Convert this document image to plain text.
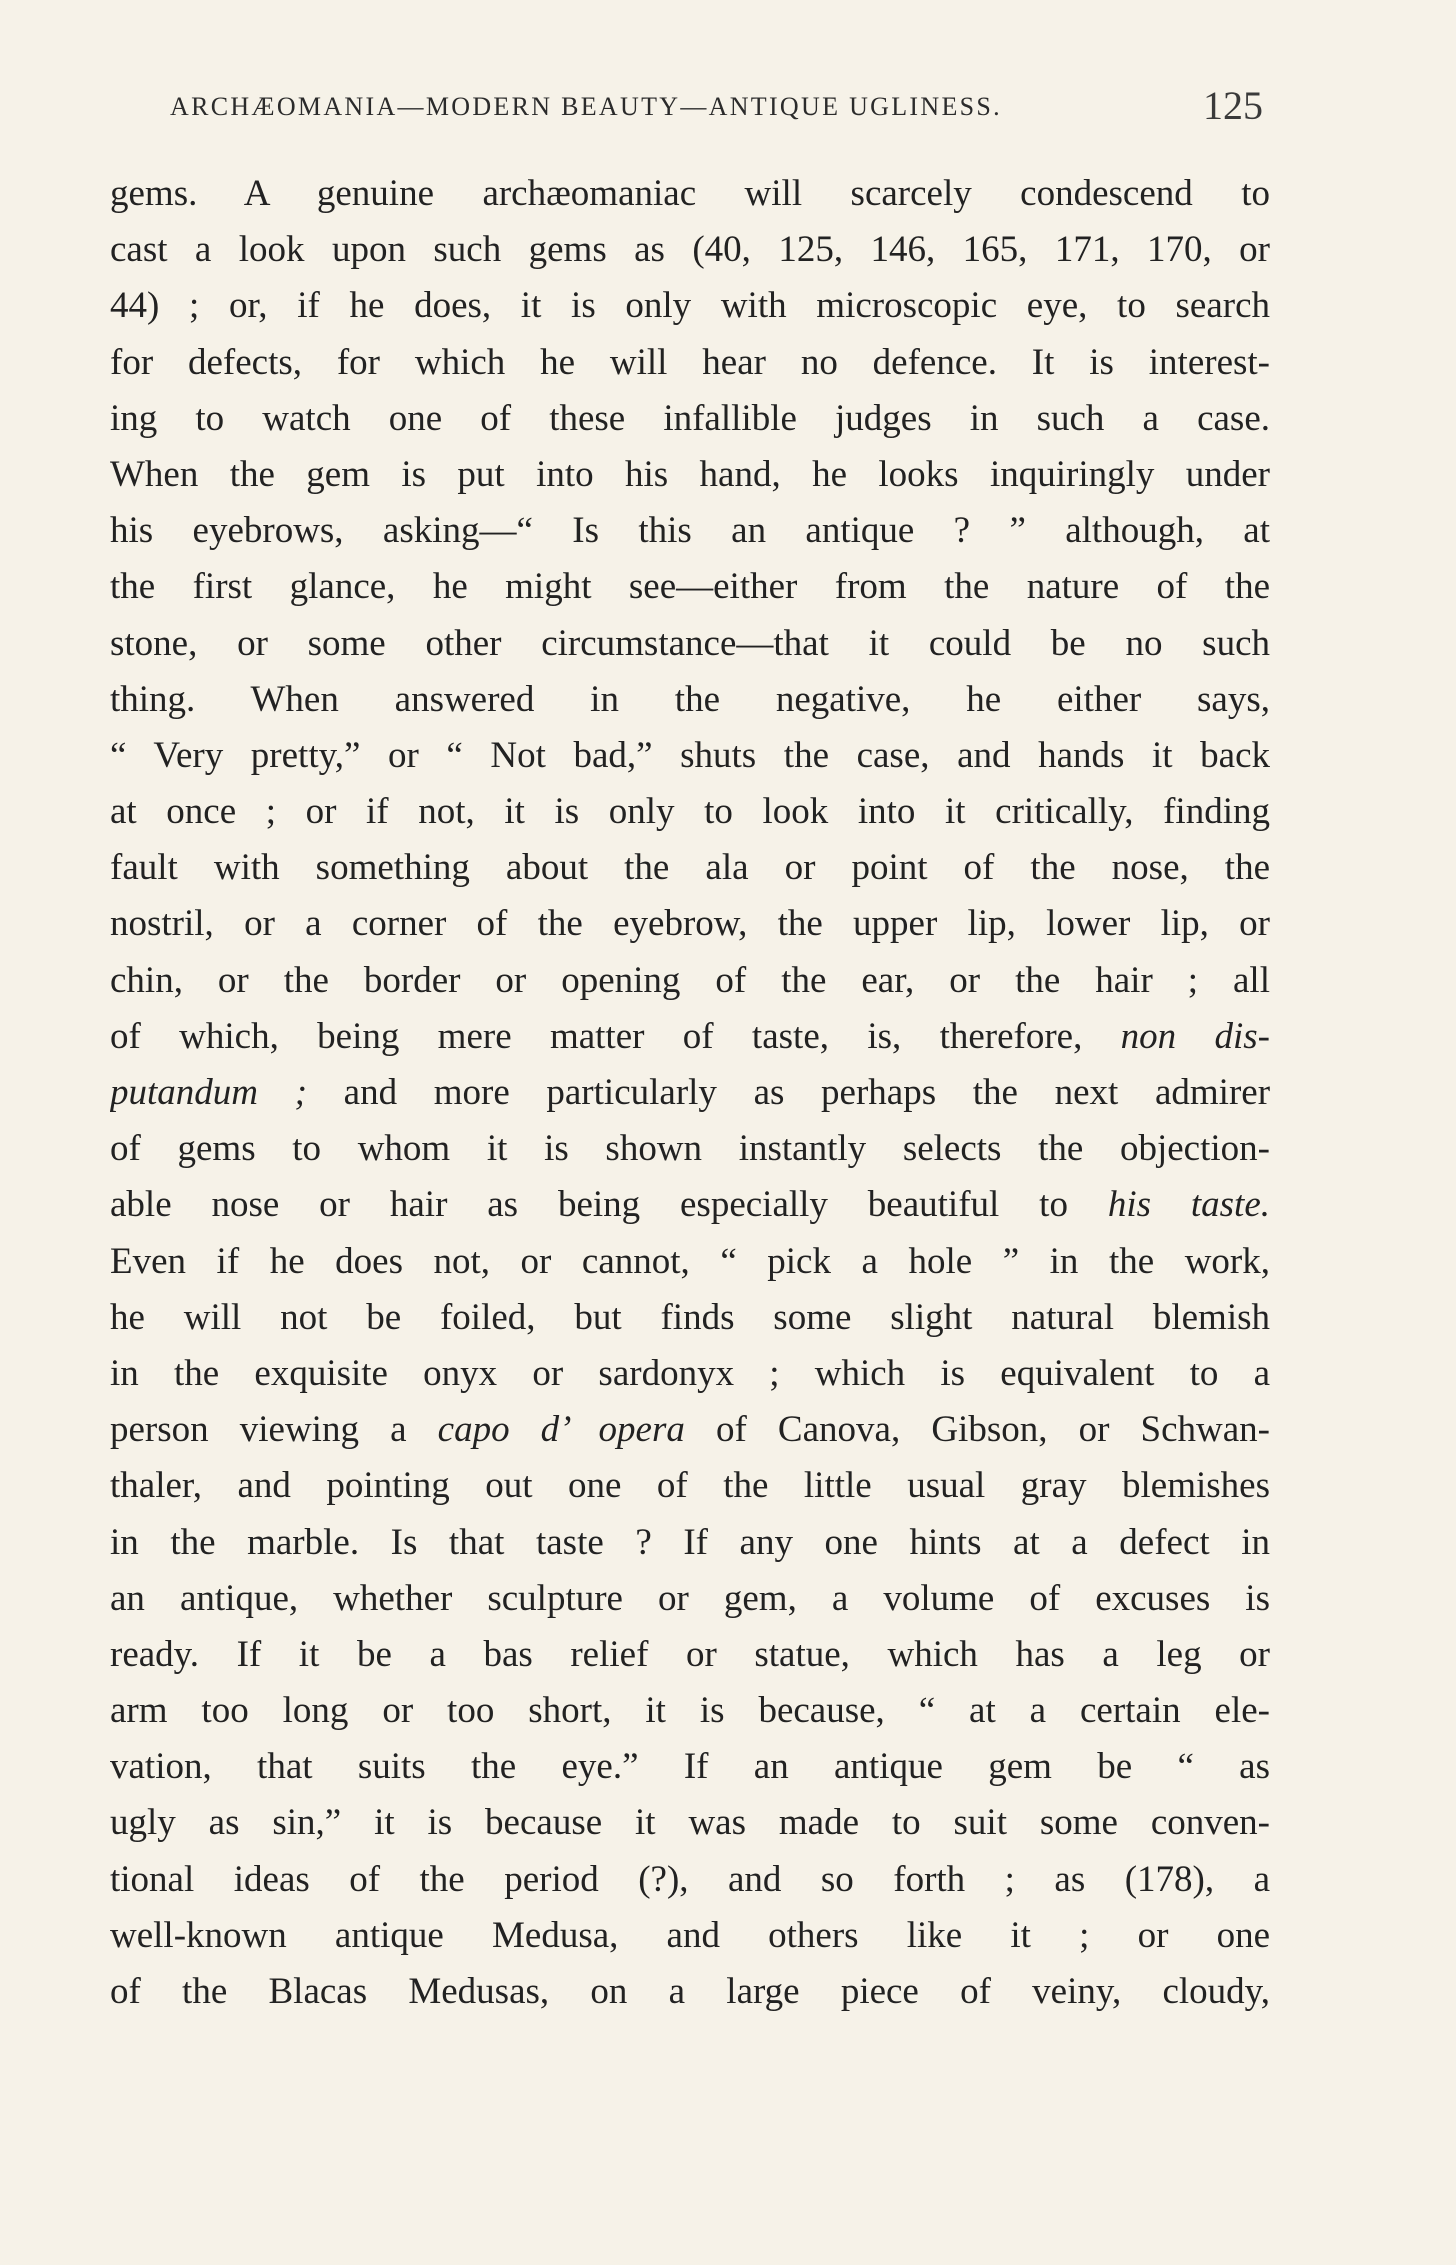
ARCHÆOMANIA—MODERN BEAUTY—ANTIQUE UGLINESS.	125
gems. A genuine archæomaniac will scarcely condescend to
cast a look upon such gems as (40, 125, 146, 165, 171, 170, or
44) ; or, if he does, it is only with microscopic eye, to search
for defects, for which he will hear no defence. It is interest-
ing to watch one of these infallible judges in such a case.
When the gem is put into his hand, he looks inquiringly under
his eyebrows, asking—“ Is this an antique ? ” although, at
the first glance, he might see—either from the nature of the
stone, or some other circumstance—that it could be no such
thing. When answered in the negative, he either says,
“ Very pretty,” or “ Not bad,” shuts the case, and hands it back
at once ; or if not, it is only to look into it critically, finding
fault with something about the ala or point of the nose, the
nostril, or a corner of the eyebrow, the upper lip, lower lip, or
chin, or the border or opening of the ear, or the hair ; all
of which, being mere matter of taste, is, therefore, non dis-
putandum ; and more particularly as perhaps the next admirer
of gems to whom it is shown instantly selects the objection-
able nose or hair as being especially beautiful to his taste.
Even if he does not, or cannot, “ pick a hole ” in the work,
he will not be foiled, but finds some slight natural blemish
in the exquisite onyx or sardonyx ; which is equivalent to a
person viewing a capo d’ opera of Canova, Gibson, or Schwan-
thaler, and pointing out one of the little usual gray blemishes
in the marble. Is that taste ? If any one hints at a defect in
an antique, whether sculpture or gem, a volume of excuses is
ready. If it be a bas relief or statue, which has a leg or
arm too long or too short, it is because, “ at a certain ele-
vation, that suits the eye.” If an antique gem be “ as
ugly as sin,” it is because it was made to suit some conven-
tional ideas of the period (?), and so forth ; as (178), a
well-known antique Medusa, and others like it ; or one
of the Blacas Medusas, on a large piece of veiny, cloudy,
